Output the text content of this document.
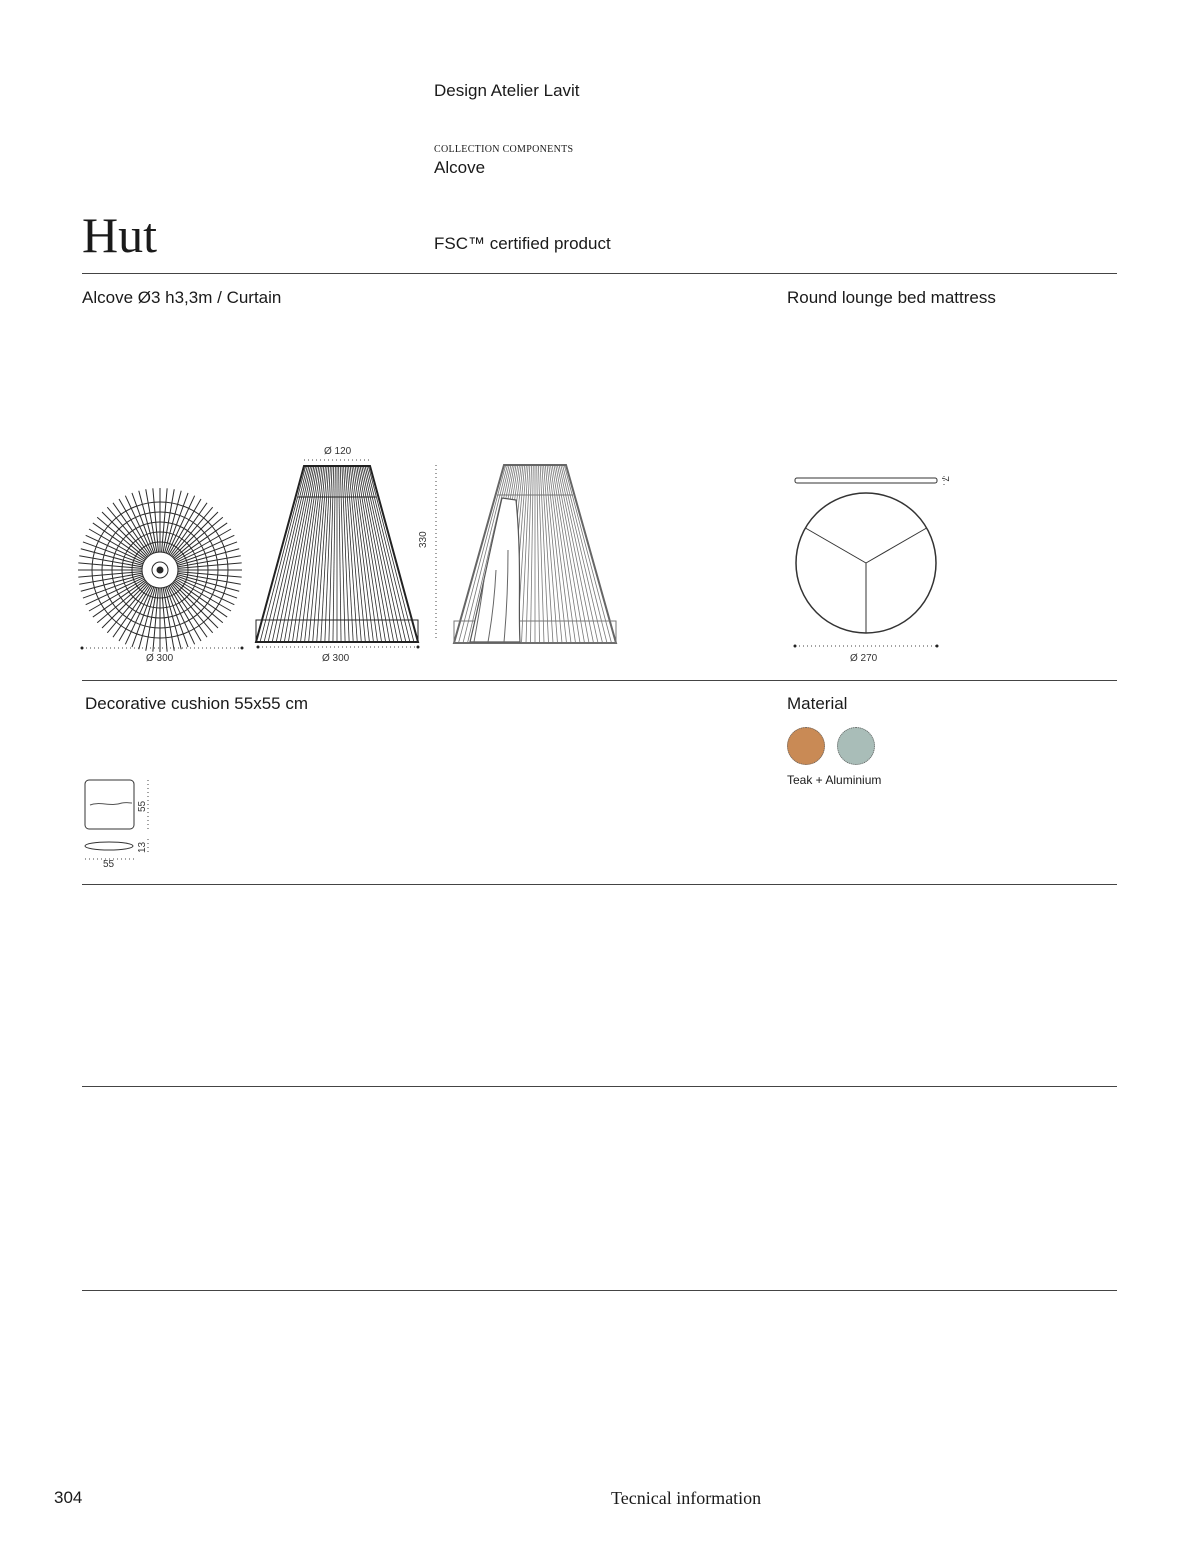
Design Atelier Lavit
COLLECTION COMPONENTS
Alcove
Hut	FSC™ certified product
Alcove Ø3 h3,3m / Curtain	Round lounge bed mattress
Ø 300
Ø 120
330
Ø 300
7
Ø 270
Decorative cushion 55x55 cm
55
13
55
Material
Teak + Aluminium
304	Tecnical information
